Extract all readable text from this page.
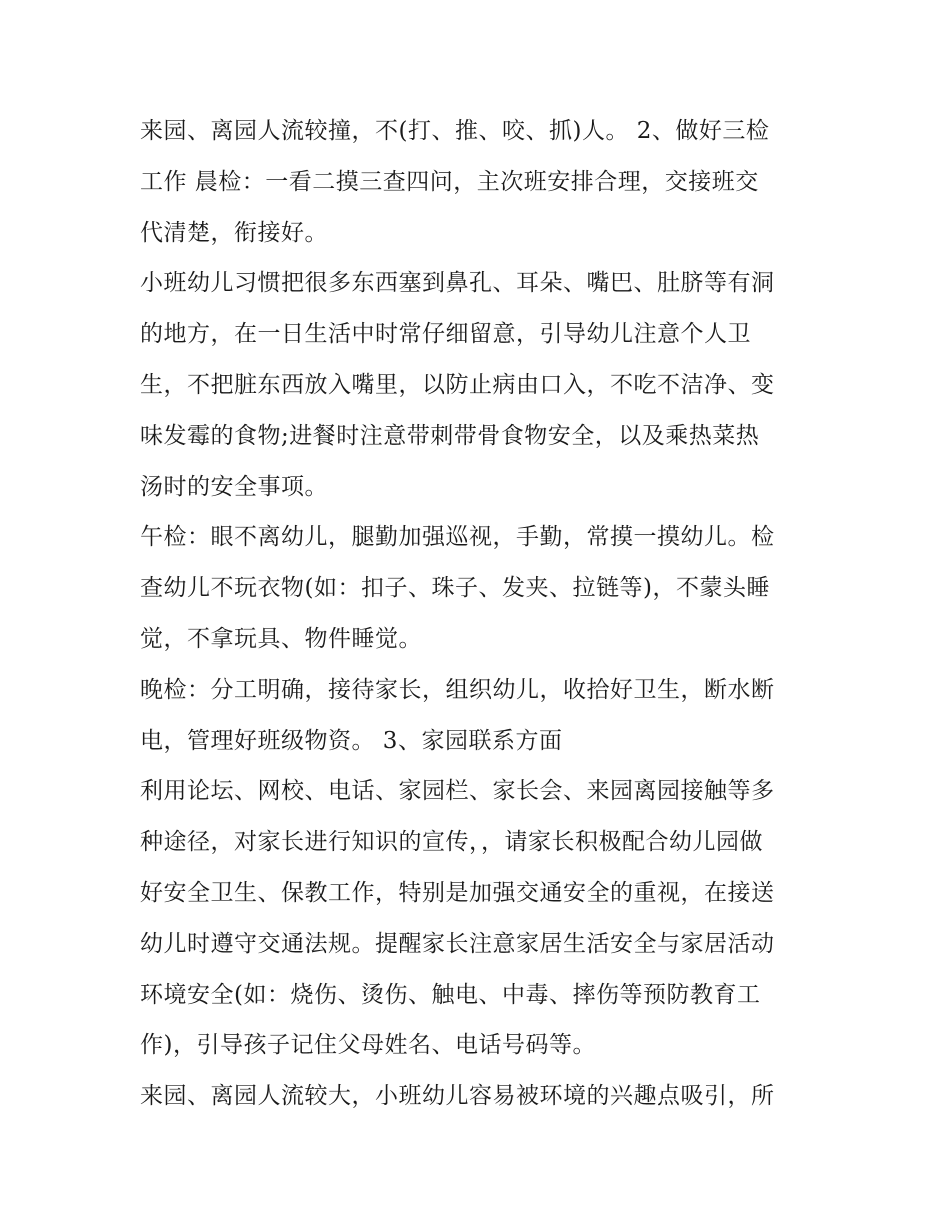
来园、离园人流较撞，不(打、推、咬、抓)人。 2、做好三检
工作 晨检：一看二摸三查四问，主次班安排合理，交接班交
代清楚，衔接好。
小班幼儿习惯把很多东西塞到鼻孔、耳朵、嘴巴、肚脐等有洞
的地方，在一日生活中时常仔细留意，引导幼儿注意个人卫
生，不把脏东西放入嘴里，以防止病由口入，不吃不洁净、变
味发霉的食物;进餐时注意带刺带骨食物安全，以及乘热菜热
汤时的安全事项。
午检：眼不离幼儿，腿勤加强巡视，手勤，常摸一摸幼儿。检
查幼儿不玩衣物(如：扣子、珠子、发夹、拉链等)，不蒙头睡
觉，不拿玩具、物件睡觉。
晚检：分工明确，接待家长，组织幼儿，收拾好卫生，断水断
电，管理好班级物资。 3、家园联系方面
利用论坛、网校、电话、家园栏、家长会、来园离园接触等多
种途径，对家长进行知识的宣传，，请家长积极配合幼儿园做
好安全卫生、保教工作，特别是加强交通安全的重视，在接送
幼儿时遵守交通法规。提醒家长注意家居生活安全与家居活动
环境安全(如：烧伤、烫伤、触电、中毒、摔伤等预防教育工
作)，引导孩子记住父母姓名、电话号码等。
来园、离园人流较大，小班幼儿容易被环境的兴趣点吸引，所
